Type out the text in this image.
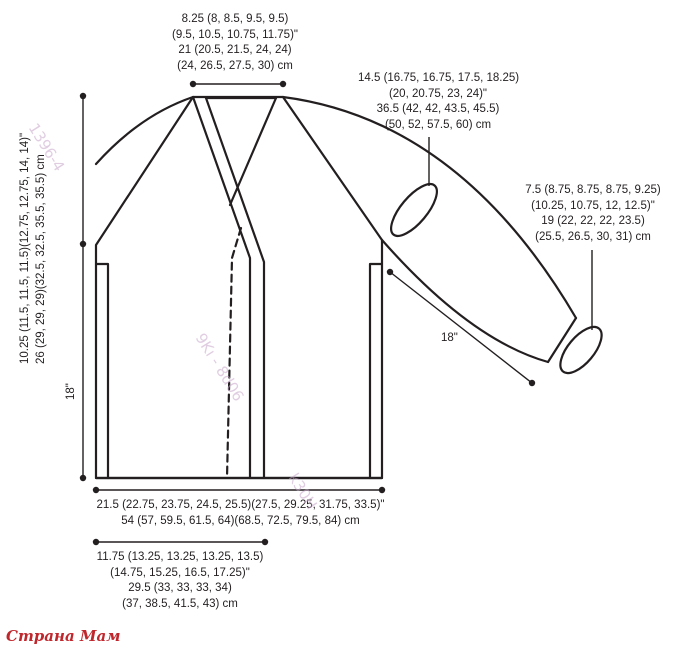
8.25 (8, 8.5, 9.5, 9.5)
(9.5, 10.5, 10.75, 11.75)"
21 (20.5, 21.5, 24, 24)
(24, 26.5, 27.5, 30) cm
14.5 (16.75, 16.75, 17.5, 18.25)
(20, 20.75, 23, 24)"
36.5 (42, 42, 43.5, 45.5)
(50, 52, 57.5, 60) cm
7.5 (8.75, 8.75, 8.75, 9.25)
(10.25, 10.75, 12, 12.5)"
19 (22, 22, 22, 23.5)
(25.5, 26.5, 30, 31) cm
18"
10.25 (11.5, 11.5, 11.5)(12.75, 12.75, 14, 14)" 26 (29, 29, 29)(32.5, 32.5, 35.5, 35.5) cm
18"
21.5 (22.75, 23.75, 24.5, 25.5)(27.5, 29.25, 31.75, 33.5)"
54 (57, 59.5, 61.5, 64)(68.5, 72.5, 79.5, 84) cm
11.75 (13.25, 13.25, 13.25, 13.5)
(14.75, 15.25, 16.5, 17.25)"
29.5 (33, 33, 33, 34)
(37, 38.5, 41.5, 43) cm
1396-4
9Kı - 8d06
k30H
Страна Мам
